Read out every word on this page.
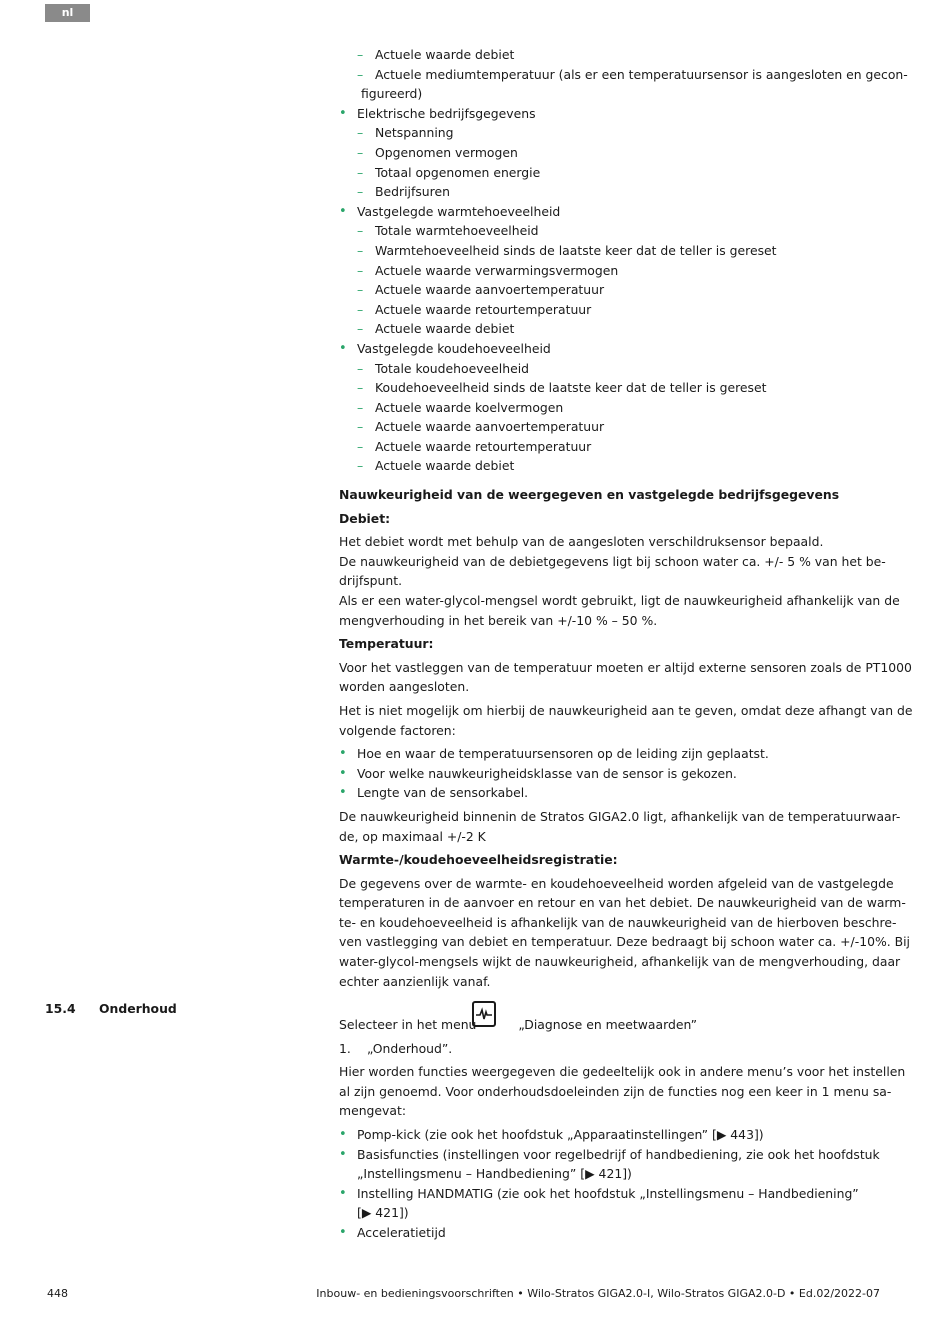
nl
– Actuele waarde debiet
– Actuele mediumtemperatuur (als er een temperatuursensor is aangesloten en gecon-
figureerd)
• Elektrische bedrijfsgegevens
– Netspanning
– Opgenomen vermogen
– Totaal opgenomen energie
– Bedrijfsuren
• Vastgelegde warmtehoeveelheid
– Totale warmtehoeveelheid
– Warmtehoeveelheid sinds de laatste keer dat de teller is gereset
– Actuele waarde verwarmingsvermogen
– Actuele waarde aanvoertemperatuur
– Actuele waarde retourtemperatuur
– Actuele waarde debiet
• Vastgelegde koudehoeveelheid
– Totale koudehoeveelheid
– Koudehoeveelheid sinds de laatste keer dat de teller is gereset
– Actuele waarde koelvermogen
– Actuele waarde aanvoertemperatuur
– Actuele waarde retourtemperatuur
– Actuele waarde debiet
Nauwkeurigheid van de weergegeven en vastgelegde bedrijfsgegevens
Debiet:
Het debiet wordt met behulp van de aangesloten verschildruksensor bepaald.
De nauwkeurigheid van de debietgegevens ligt bij schoon water ca. +/- 5 % van het be-
drijfspunt.
Als er een water-glycol-mengsel wordt gebruikt, ligt de nauwkeurigheid afhankelijk van de
mengverhouding in het bereik van +/-10 % – 50 %.
Temperatuur:
Voor het vastleggen van de temperatuur moeten er altijd externe sensoren zoals de PT1000
worden aangesloten.
Het is niet mogelijk om hierbij de nauwkeurigheid aan te geven, omdat deze afhangt van de
volgende factoren:
• Hoe en waar de temperatuursensoren op de leiding zijn geplaatst.
• Voor welke nauwkeurigheidsklasse van de sensor is gekozen.
• Lengte van de sensorkabel.
De nauwkeurigheid binnenin de Stratos GIGA2.0 ligt, afhankelijk van de temperatuurwaar-
de, op maximaal +/-2 K
Warmte-/koudehoeveelheidsregistratie:
De gegevens over de warmte- en koudehoeveelheid worden afgeleid van de vastgelegde
temperaturen in de aanvoer en retour en van het debiet. De nauwkeurigheid van de warm-
te- en koudehoeveelheid is afhankelijk van de nauwkeurigheid van de hierboven beschre-
ven vastlegging van debiet en temperatuur. Deze bedraagt bij schoon water ca. +/-10%. Bij
water-glycol-mengsels wijkt de nauwkeurigheid, afhankelijk van de mengverhouding, daar
echter aanzienlijk vanaf.
15.4 Onderhoud
Selecteer in het menu	„Diagnose en meetwaarden”
1. „Onderhoud”.
Hier worden functies weergegeven die gedeeltelijk ook in andere menu’s voor het instellen
al zijn genoemd. Voor onderhoudsdoeleinden zijn de functies nog een keer in 1 menu sa-
mengevat:
• Pomp-kick (zie ook het hoofdstuk „Apparaatinstellingen” [▶ 443])
• Basisfuncties (instellingen voor regelbedrijf of handbediening, zie ook het hoofdstuk
„Instellingsmenu – Handbediening” [▶ 421])
• Instelling HANDMATIG (zie ook het hoofdstuk „Instellingsmenu – Handbediening”
[▶ 421])
• Acceleratietijd
448	Inbouw- en bedieningsvoorschriften • Wilo-Stratos GIGA2.0-I, Wilo-Stratos GIGA2.0-D • Ed.02/2022-07
